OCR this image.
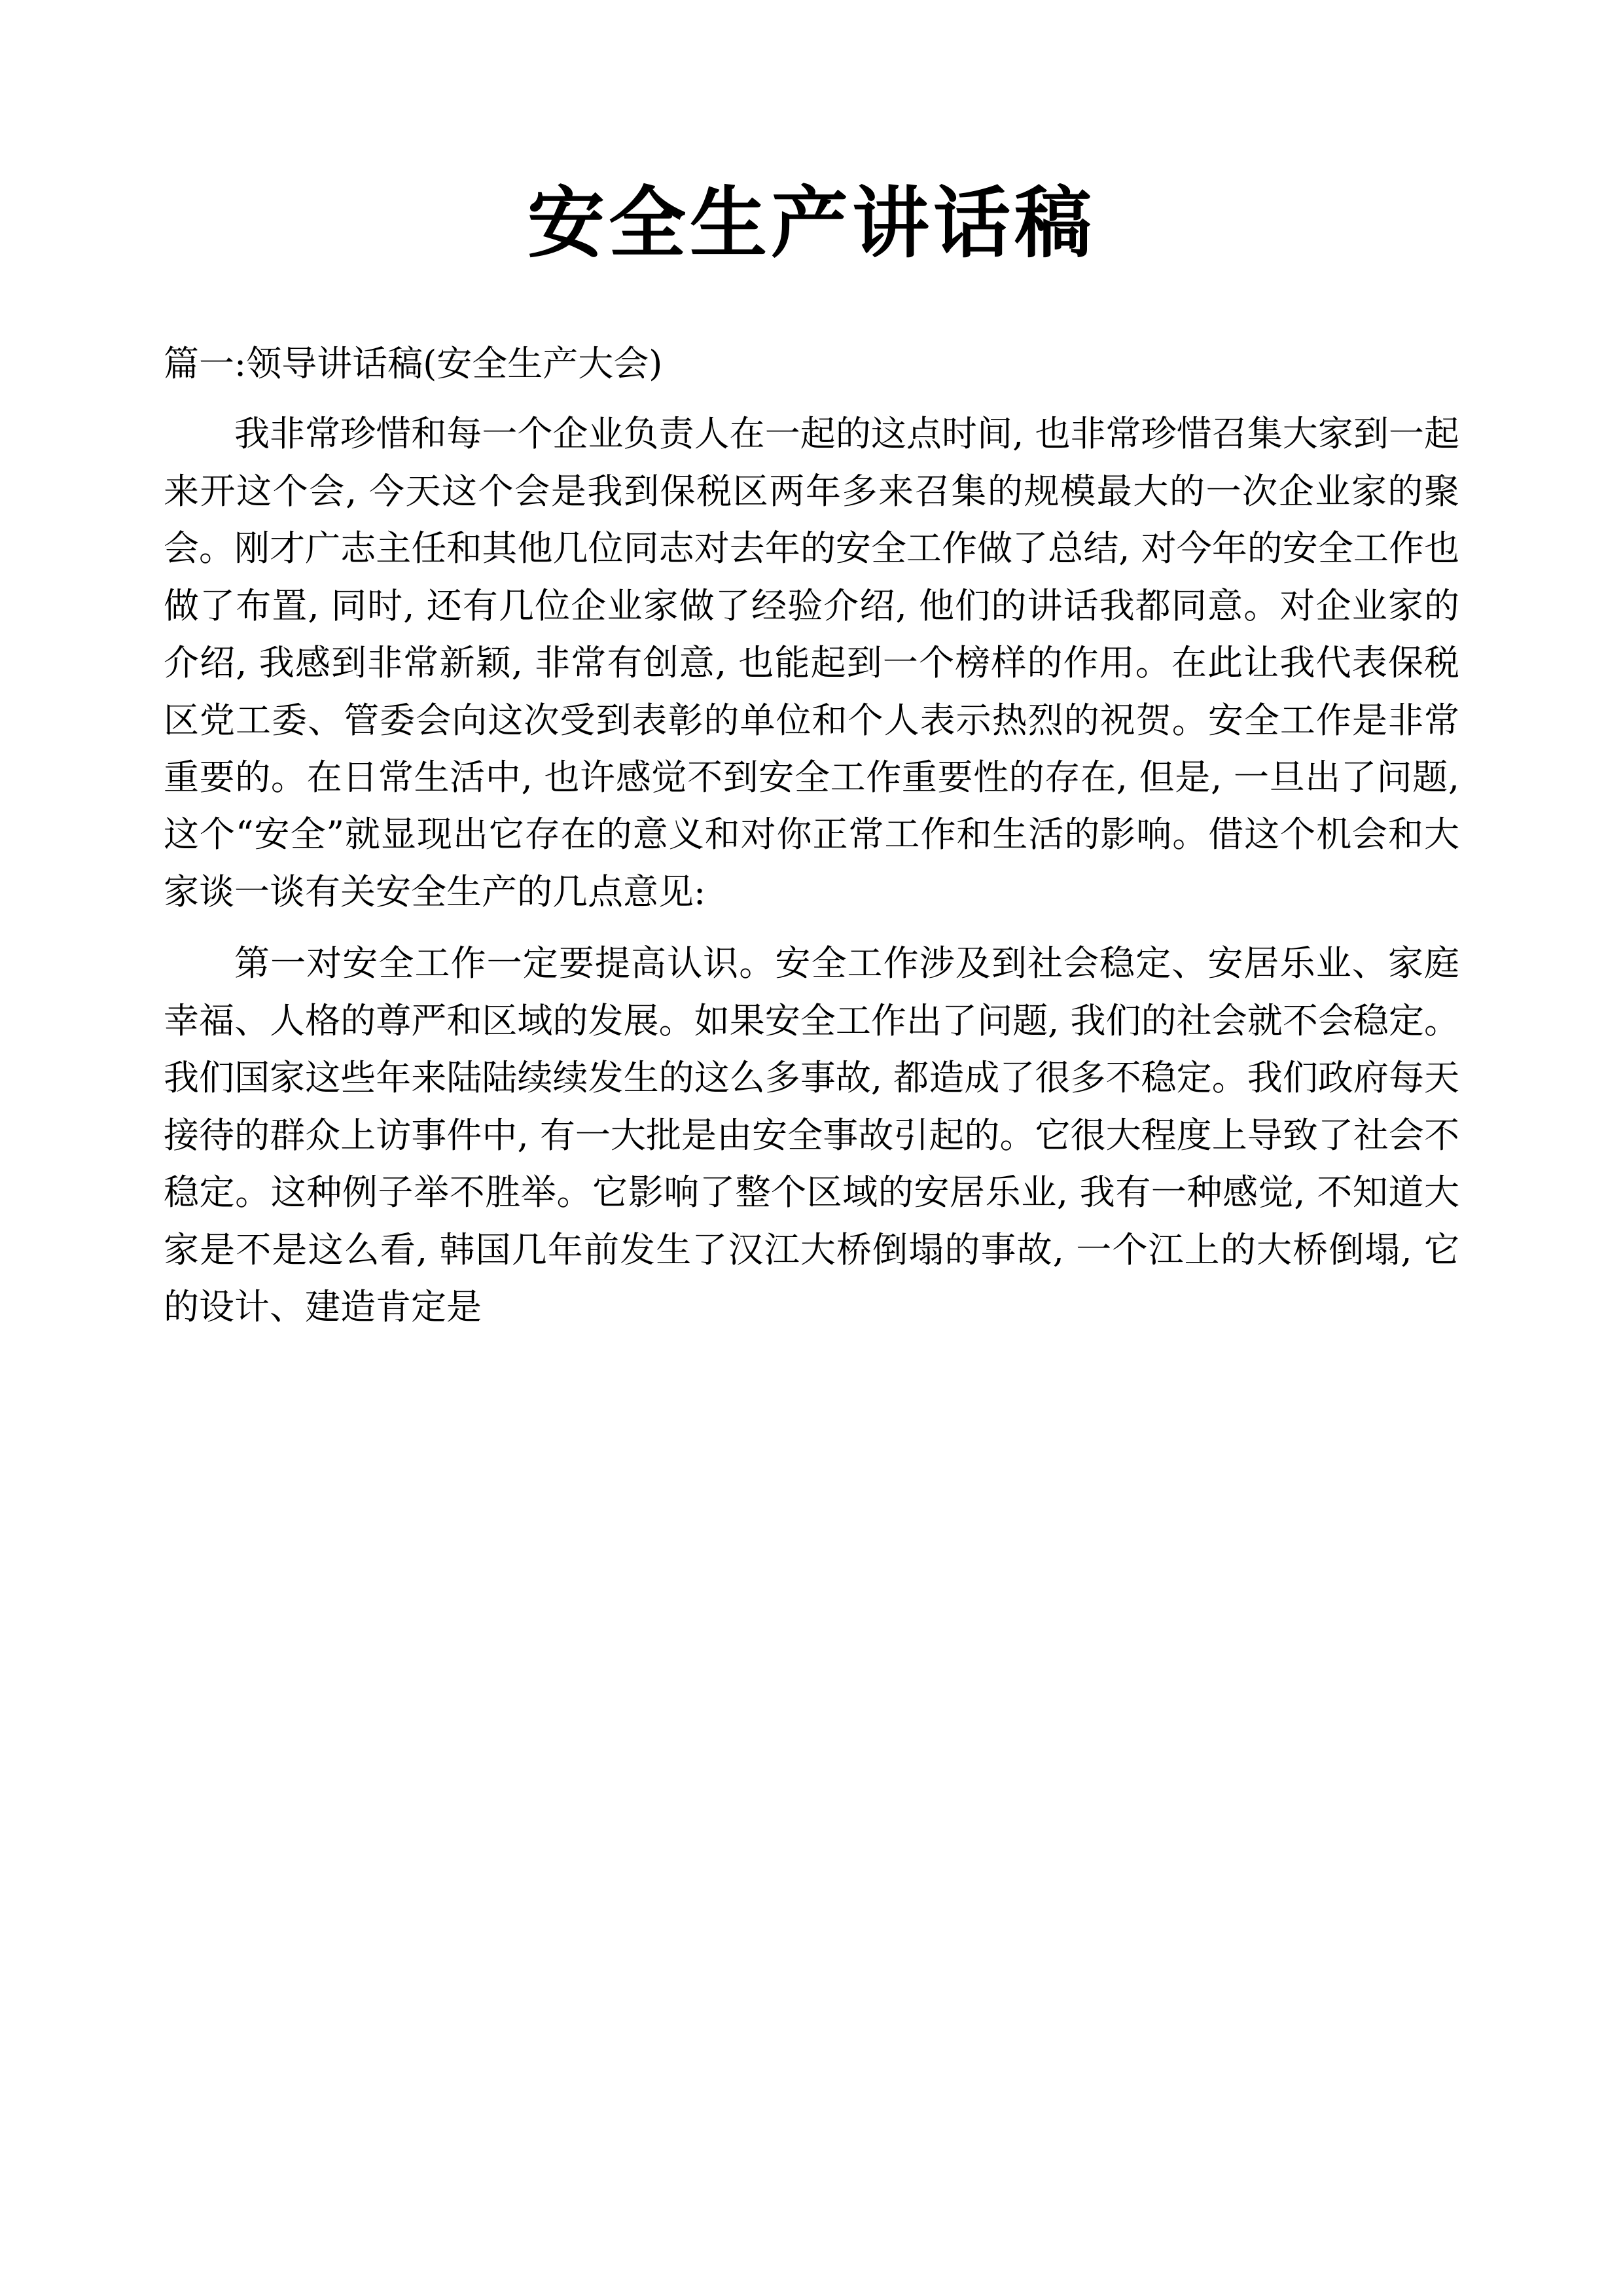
安全生产讲话稿
篇一:领导讲话稿(安全生产大会)

我非常珍惜和每一个企业负责人在一起的这点时间, 也非常珍惜召集大家到一起来开这个会, 今天这个会是我到保税区两年多来召集的规模最大的一次企业家的聚会。刚才广志主任和其他几位同志对去年的安全工作做了总结, 对今年的安全工作也做了布置, 同时, 还有几位企业家做了经验介绍, 他们的讲话我都同意。对企业家的介绍, 我感到非常新颖, 非常有创意, 也能起到一个榜样的作用。在此让我代表保税区党工委、管委会向这次受到表彰的单位和个人表示热烈的祝贺。安全工作是非常重要的。在日常生活中, 也许感觉不到安全工作重要性的存在, 但是, 一旦出了问题, 这个“安全”就显现出它存在的意义和对你正常工作和生活的影响。借这个机会和大家谈一谈有关安全生产的几点意见:

第一对安全工作一定要提高认识。安全工作涉及到社会稳定、安居乐业、家庭幸福、人格的尊严和区域的发展。如果安全工作出了问题, 我们的社会就不会稳定。我们国家这些年来陆陆续续发生的这么多事故, 都造成了很多不稳定。我们政府每天接待的群众上访事件中, 有一大批是由安全事故引起的。它很大程度上导致了社会不稳定。这种例子举不胜举。它影响了整个区域的安居乐业, 我有一种感觉, 不知道大家是不是这么看, 韩国几年前发生了汉江大桥倒塌的事故, 一个江上的大桥倒塌, 它的设计、建造肯定是
